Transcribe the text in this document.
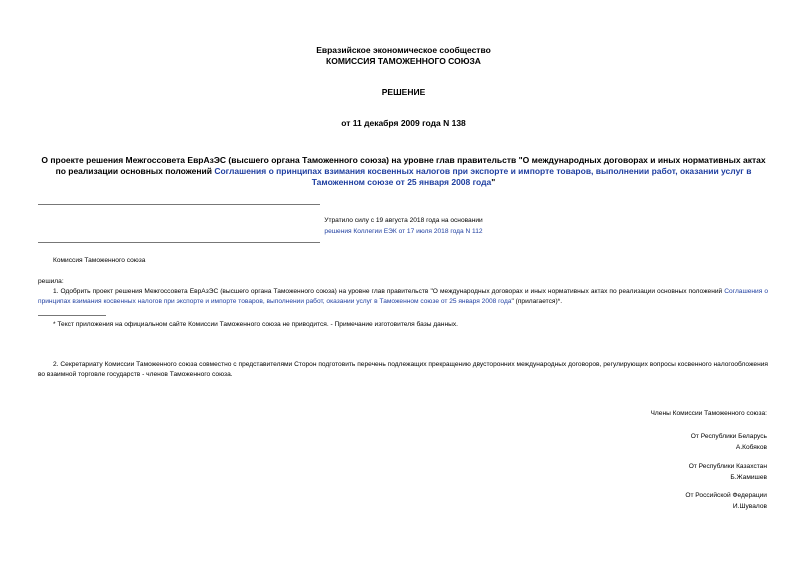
Евразийское экономическое сообщество
КОМИССИЯ ТАМОЖЕННОГО СОЮЗА
РЕШЕНИЕ
от 11 декабря 2009 года N 138
О проекте решения Межгоссовета ЕврАзЭС (высшего органа Таможенного союза) на уровне глав правительств "О международных договорах и иных нормативных актах по реализации основных положений Соглашения о принципах взимания косвенных налогов при экспорте и импорте товаров, выполнении работ, оказании услуг в Таможенном союзе от 25 января 2008 года"
Утратило силу с 19 августа 2018 года на основании
решения Коллегии ЕЭК от 17 июля 2018 года N 112
Комиссия Таможенного союза
решила:
1. Одобрить проект решения Межгоссовета ЕврАзЭС (высшего органа Таможенного союза) на уровне глав правительств "О международных договорах и иных нормативных актах по реализации основных положений Соглашения о принципах взимания косвенных налогов при экспорте и импорте товаров, выполнении работ, оказании услуг в Таможенном союзе от 25 января 2008 года" (прилагается)*.
* Текст приложения на официальном сайте Комиссии Таможенного союза не приводится. - Примечание изготовителя базы данных.
2. Секретариату Комиссии Таможенного союза совместно с представителями Сторон подготовить перечень подлежащих прекращению двусторонних международных договоров, регулирующих вопросы косвенного налогообложения во взаимной торговле государств - членов Таможенного союза.
Члены Комиссии Таможенного союза:
От Республики Беларусь
А.Кобяков
От Республики Казахстан
Б.Жамишев
От Российской Федерации
И.Шувалов
